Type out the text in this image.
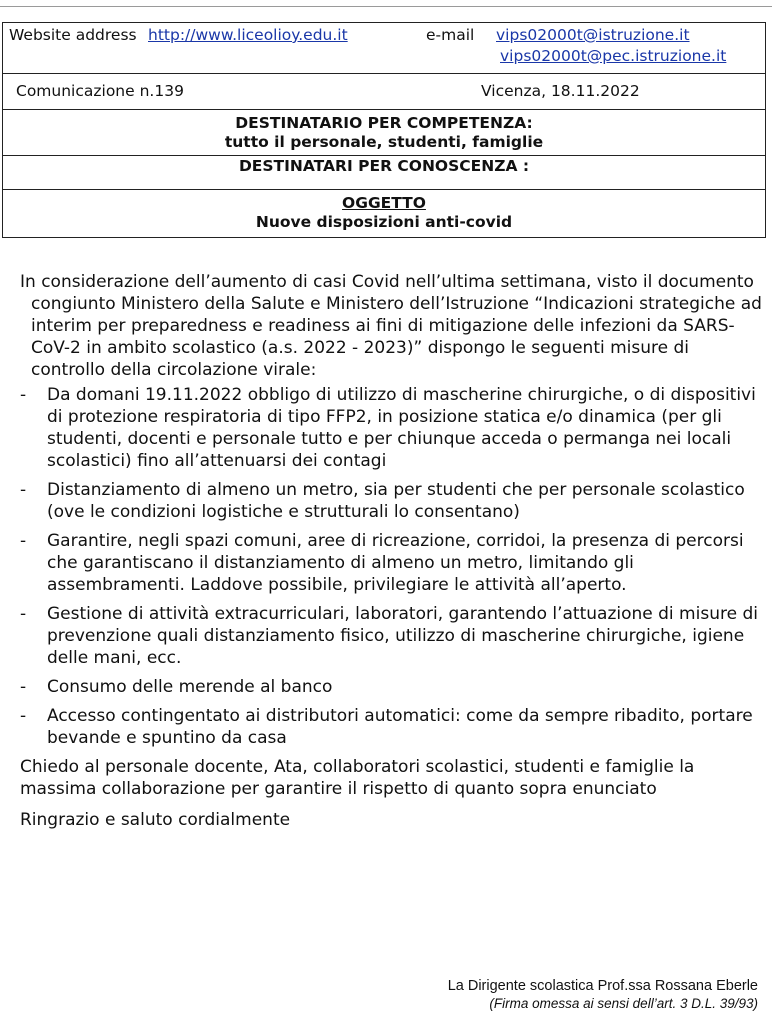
Website address http://www.liceolioy.edu.it	e-mail vips02000t@istruzione.it
vips02000t@pec.istruzione.it
Comunicazione n.139	Vicenza, 18.11.2022
DESTINATARIO PER COMPETENZA:
tutto il personale, studenti, famiglie
DESTINATARI PER CONOSCENZA :
OGGETTO
Nuove disposizioni anti-covid

In considerazione dell’aumento di casi Covid nell’ultima settimana, visto il documento congiunto Ministero della Salute e Ministero dell’Istruzione “Indicazioni strategiche ad interim per preparedness e readiness ai fini di mitigazione delle infezioni da SARS-CoV-2 in ambito scolastico (a.s. 2022 - 2023)” dispongo le seguenti misure di controllo della circolazione virale:

- Da domani 19.11.2022 obbligo di utilizzo di mascherine chirurgiche, o di dispositivi di protezione respiratoria di tipo FFP2, in posizione statica e/o dinamica (per gli studenti, docenti e personale tutto e per chiunque acceda o permanga nei locali scolastici) fino all’attenuarsi dei contagi
- Distanziamento di almeno un metro, sia per studenti che per personale scolastico (ove le condizioni logistiche e strutturali lo consentano)
- Garantire, negli spazi comuni, aree di ricreazione, corridoi, la presenza di percorsi che garantiscano il distanziamento di almeno un metro, limitando gli assembramenti. Laddove possibile, privilegiare le attività all’aperto.
- Gestione di attività extracurriculari, laboratori, garantendo l’attuazione di misure di prevenzione quali distanziamento fisico, utilizzo di mascherine chirurgiche, igiene delle mani, ecc.
- Consumo delle merende al banco
- Accesso contingentato ai distributori automatici: come da sempre ribadito, portare bevande e spuntino da casa

Chiedo al personale docente, Ata, collaboratori scolastici, studenti e famiglie la massima collaborazione per garantire il rispetto di quanto sopra enunciato

Ringrazio e saluto cordialmente

La Dirigente scolastica Prof.ssa Rossana Eberle
(Firma omessa ai sensi dell’art. 3 D.L. 39/93)
